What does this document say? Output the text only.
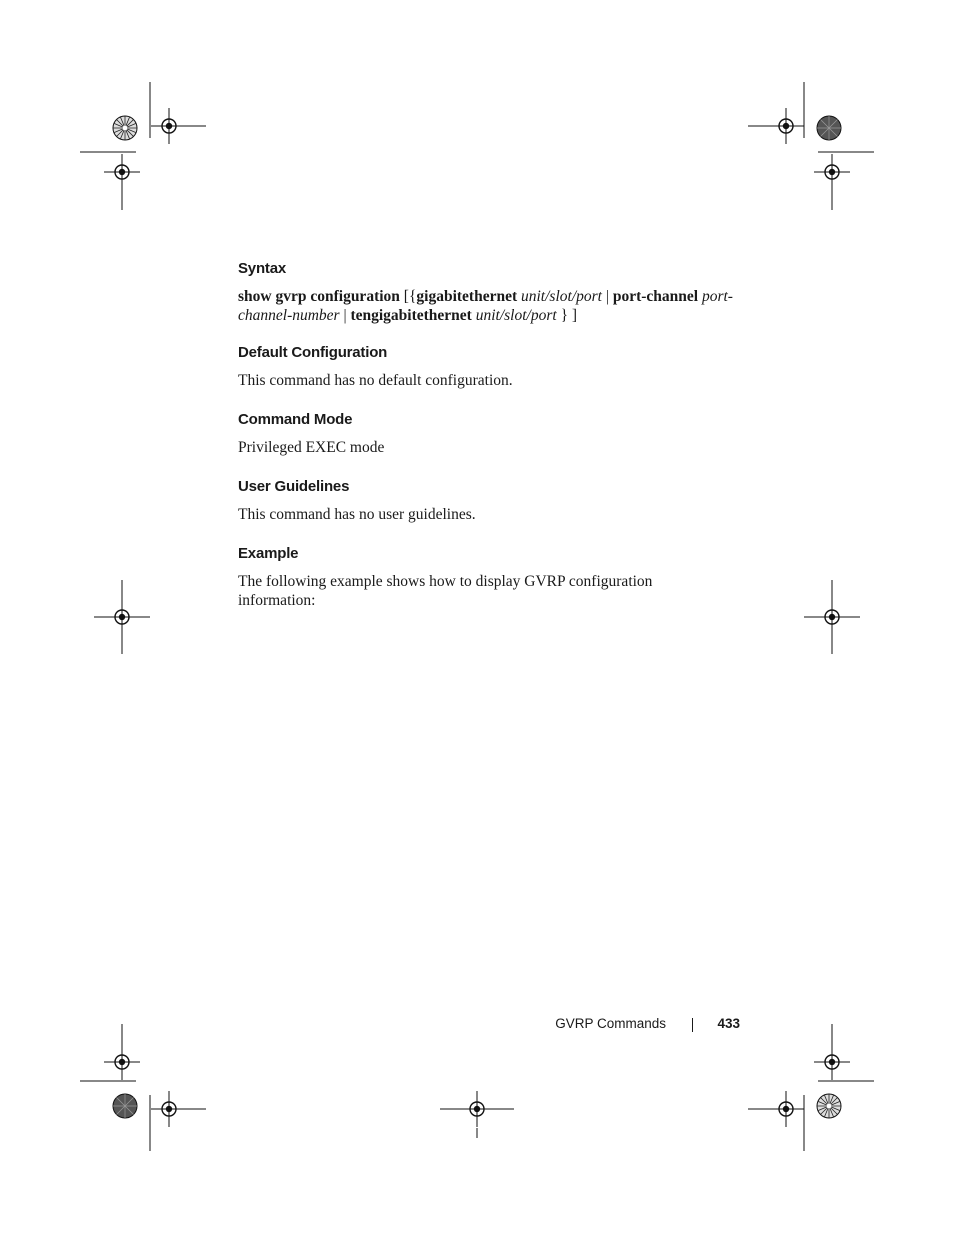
Syntax

show gvrp configuration [{gigabitethernet unit/slot/port | port-channel port-channel-number | tengigabitethernet unit/slot/port } ]

Default Configuration

This command has no default configuration.

Command Mode

Privileged EXEC mode

User Guidelines

This command has no user guidelines.

Example

The following example shows how to display GVRP configuration information:

GVRP Commands	433
